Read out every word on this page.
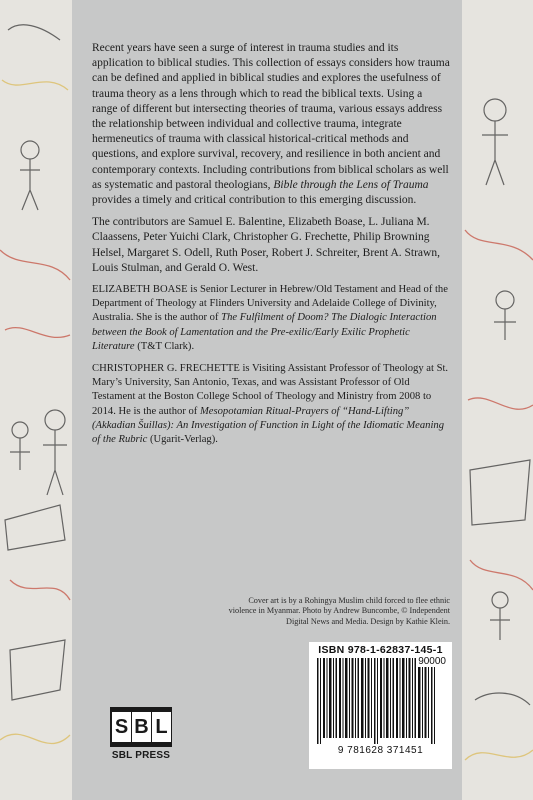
Recent years have seen a surge of interest in trauma studies and its application to biblical studies. This collection of essays considers how trauma can be defined and applied in biblical studies and explores the usefulness of trauma theory as a lens through which to read the biblical texts. Using a range of different but intersecting theories of trauma, various essays address the relationship between individual and collective trauma, integrate hermeneutics of trauma with classical historical-critical methods and questions, and explore survival, recovery, and resilience in both ancient and contemporary contexts. Including contributions from biblical scholars as well as systematic and pastoral theologians, Bible through the Lens of Trauma provides a timely and critical contribution to this emerging discussion.

The contributors are Samuel E. Balentine, Elizabeth Boase, L. Juliana M. Claassens, Peter Yuichi Clark, Christopher G. Frechette, Philip Browning Helsel, Margaret S. Odell, Ruth Poser, Robert J. Schreiter, Brent A. Strawn, Louis Stulman, and Gerald O. West.

ELIZABETH BOASE is Senior Lecturer in Hebrew/Old Testament and Head of the Department of Theology at Flinders University and Adelaide College of Divinity, Australia. She is the author of The Fulfilment of Doom? The Dialogic Interaction between the Book of Lamentation and the Pre-exilic/Early Exilic Prophetic Literature (T&T Clark).

CHRISTOPHER G. FRECHETTE is Visiting Assistant Professor of Theology at St. Mary’s University, San Antonio, Texas, and was Assistant Professor of Old Testament at the Boston College School of Theology and Ministry from 2008 to 2014. He is the author of Mesopotamian Ritual-Prayers of “Hand-Lifting” (Akkadian Šuillas): An Investigation of Function in Light of the Idiomatic Meaning of the Rubric (Ugarit-Verlag).

Cover art is by a Rohingya Muslim child forced to flee ethnic violence in Myanmar. Photo by Andrew Buncombe, © Independent Digital News and Media. Design by Kathie Klein.
ISBN 978-1-62837-145-1
9 781628 371451
90000
S B L
SBL PRESS
